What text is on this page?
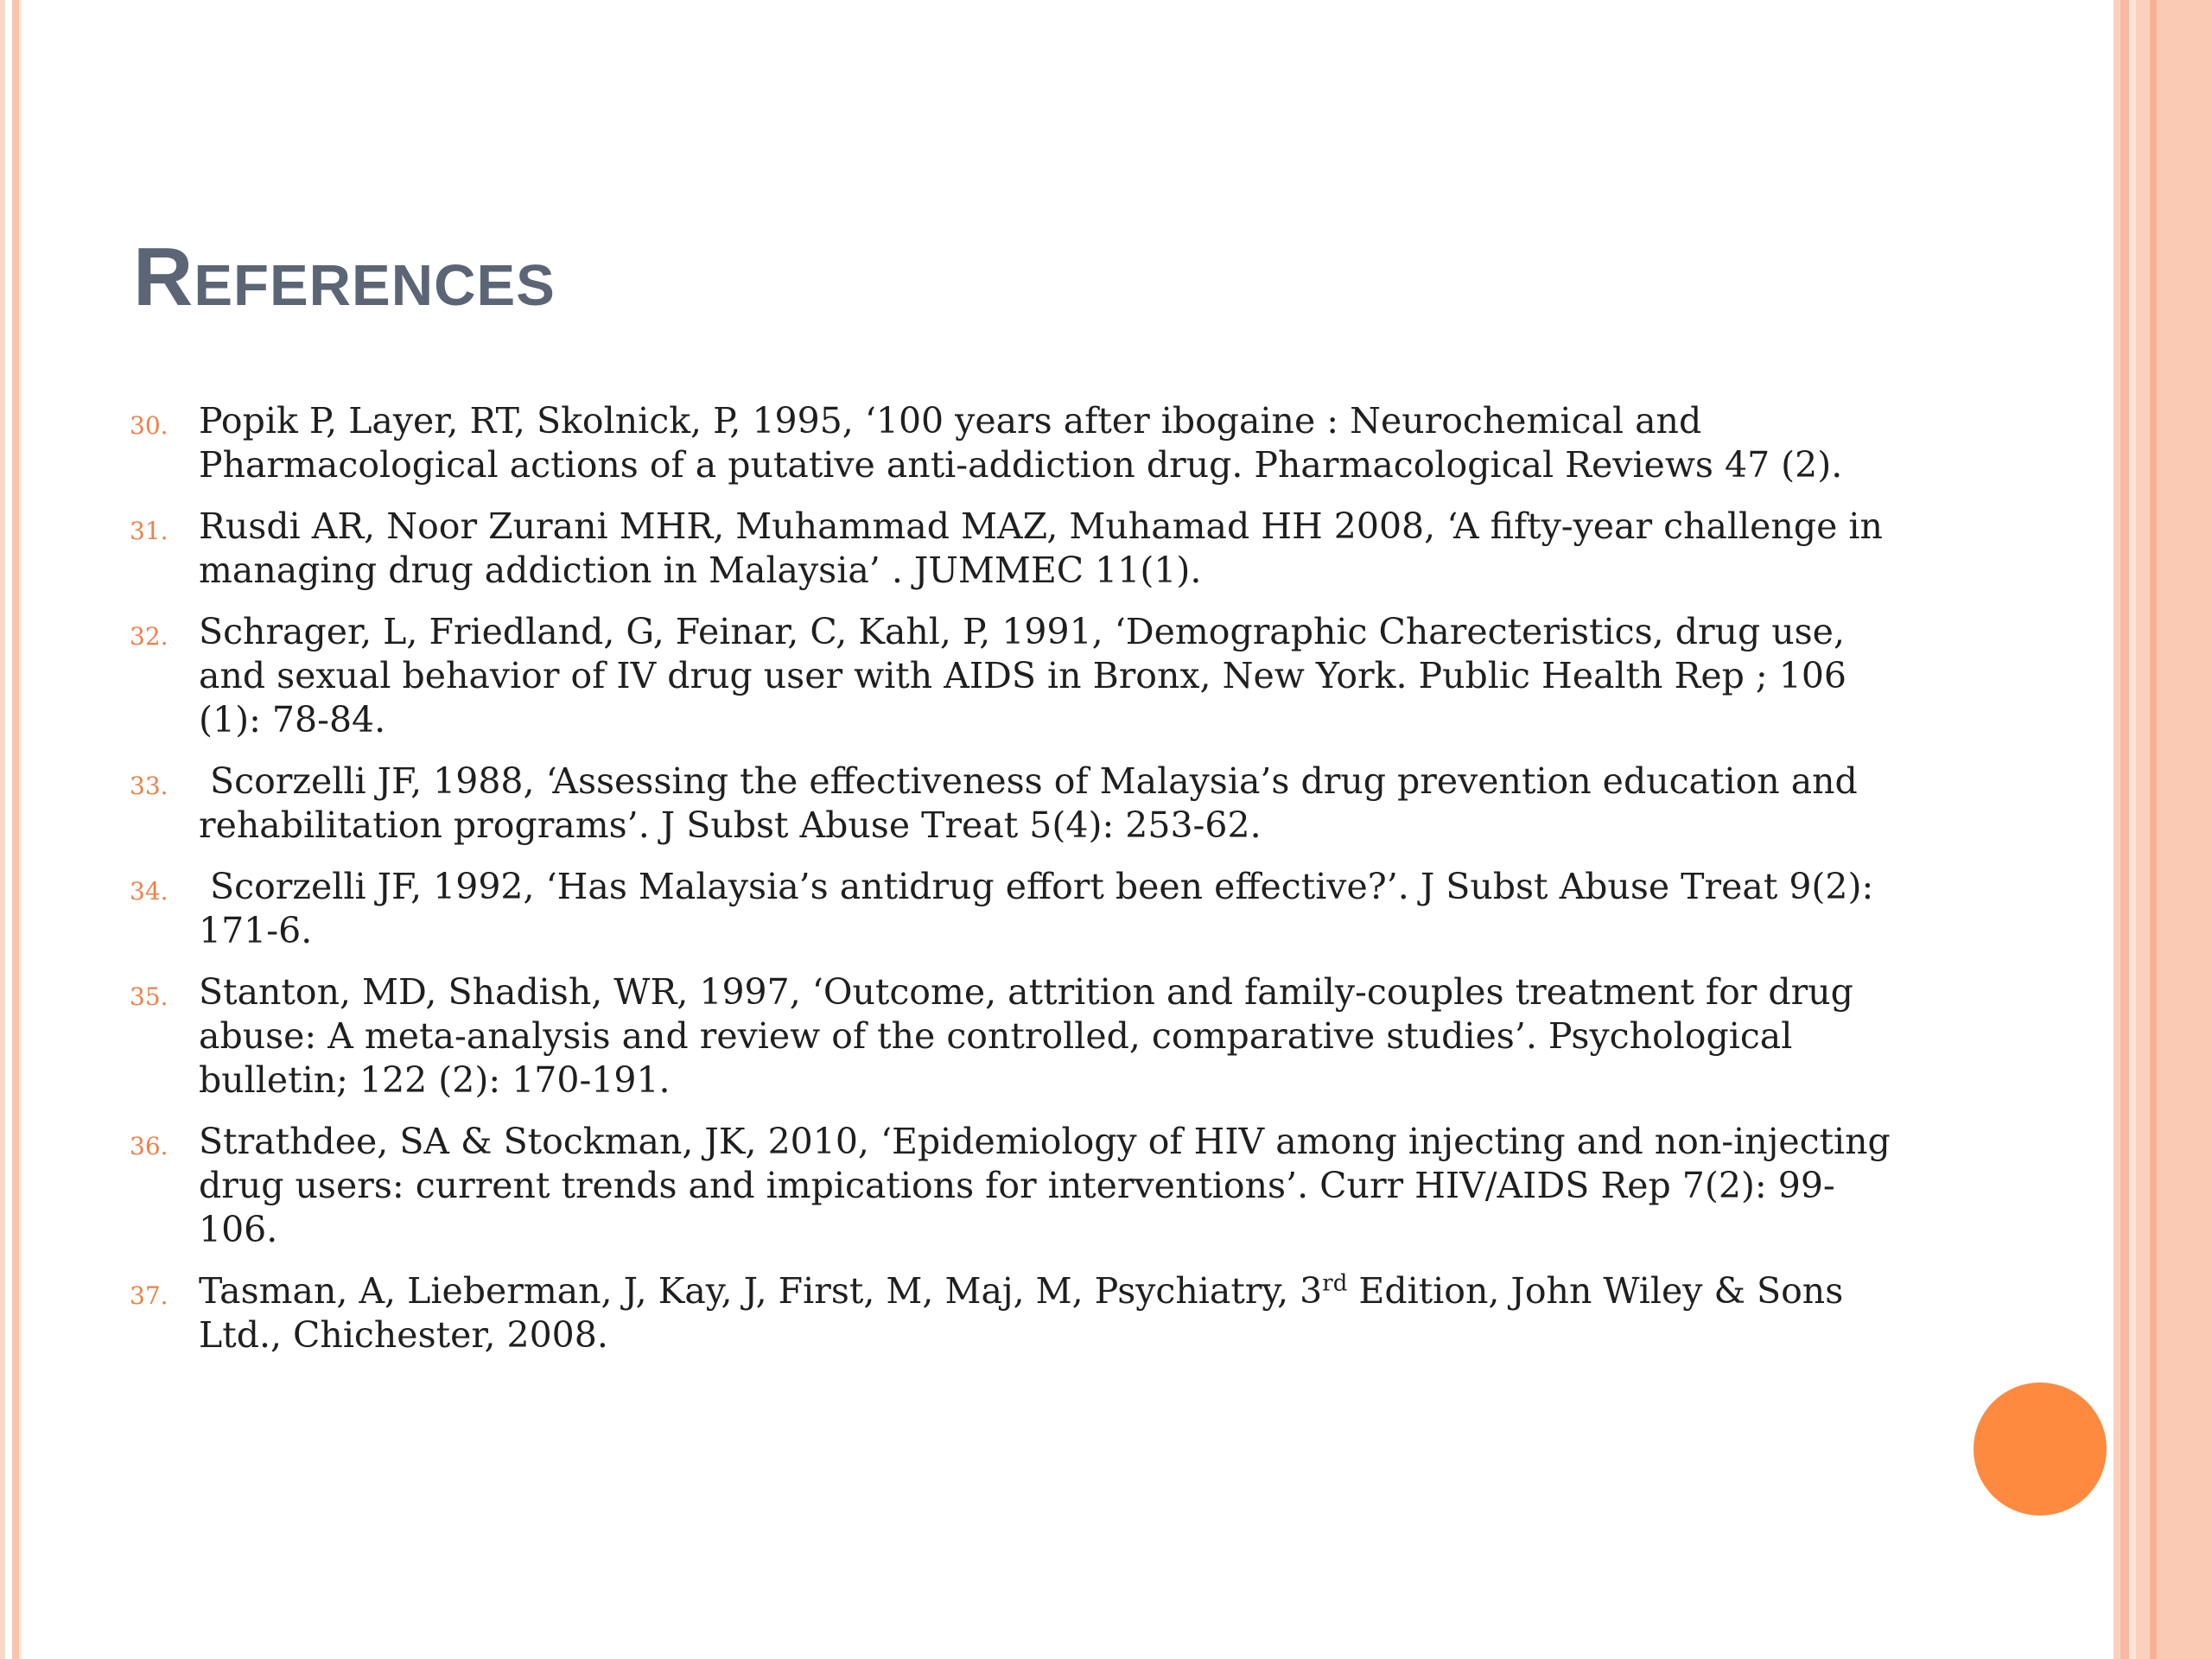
References
30. Popik P, Layer, RT, Skolnick, P, 1995, ‘100 years after ibogaine : Neurochemical and Pharmacological actions of a putative anti-addiction drug. Pharmacological Reviews 47 (2).
31. Rusdi AR, Noor Zurani MHR, Muhammad MAZ, Muhamad HH 2008, ‘A fifty-year challenge in managing drug addiction in Malaysia’ . JUMMEC 11(1).
32. Schrager, L, Friedland, G, Feinar, C, Kahl, P, 1991, ‘Demographic Charecteristics, drug use, and sexual behavior of IV drug user with AIDS in Bronx, New York. Public Health Rep ; 106 (1): 78-84.
33. Scorzelli JF, 1988, ‘Assessing the effectiveness of Malaysia’s drug prevention education and rehabilitation programs’. J Subst Abuse Treat 5(4): 253-62.
34. Scorzelli JF, 1992, ‘Has Malaysia’s antidrug effort been effective?’. J Subst Abuse Treat 9(2): 171-6.
35. Stanton, MD, Shadish, WR, 1997, ‘Outcome, attrition and family-couples treatment for drug abuse: A meta-analysis and review of the controlled, comparative studies’. Psychological bulletin; 122 (2): 170-191.
36. Strathdee, SA & Stockman, JK, 2010, ‘Epidemiology of HIV among injecting and non-injecting drug users: current trends and impications for interventions’. Curr HIV/AIDS Rep 7(2): 99-106.
37. Tasman, A, Lieberman, J, Kay, J, First, M, Maj, M, Psychiatry, 3rd Edition, John Wiley & Sons Ltd., Chichester, 2008.
